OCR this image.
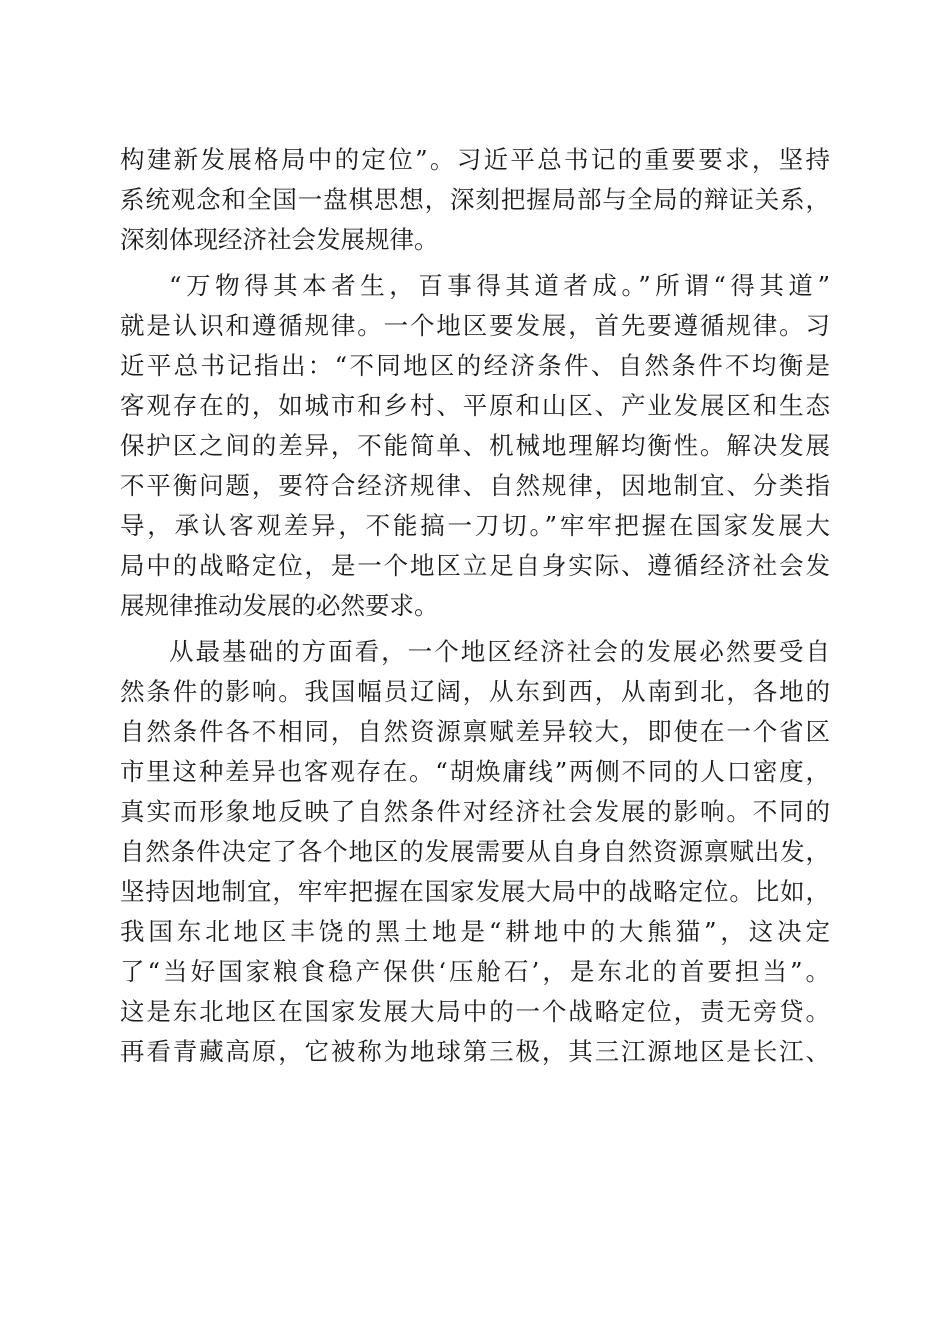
构建新发展格局中的定位”。习近平总书记的重要要求，坚持
系统观念和全国一盘棋思想，深刻把握局部与全局的辩证关系，
深刻体现经济社会发展规律。
“万物得其本者生，百事得其道者成。”所谓“得其道”
就是认识和遵循规律。一个地区要发展，首先要遵循规律。习
近平总书记指出：“不同地区的经济条件、自然条件不均衡是
客观存在的，如城市和乡村、平原和山区、产业发展区和生态
保护区之间的差异，不能简单、机械地理解均衡性。解决发展
不平衡问题，要符合经济规律、自然规律，因地制宜、分类指
导，承认客观差异，不能搞一刀切。”牢牢把握在国家发展大
局中的战略定位，是一个地区立足自身实际、遵循经济社会发
展规律推动发展的必然要求。
从最基础的方面看，一个地区经济社会的发展必然要受自
然条件的影响。我国幅员辽阔，从东到西，从南到北，各地的
自然条件各不相同，自然资源禀赋差异较大，即使在一个省区
市里这种差异也客观存在。“胡焕庸线”两侧不同的人口密度，
真实而形象地反映了自然条件对经济社会发展的影响。不同的
自然条件决定了各个地区的发展需要从自身自然资源禀赋出发，
坚持因地制宜，牢牢把握在国家发展大局中的战略定位。比如，
我国东北地区丰饶的黑土地是“耕地中的大熊猫”，这决定
了“当好国家粮食稳产保供‘压舱石’，是东北的首要担当”。
这是东北地区在国家发展大局中的一个战略定位，责无旁贷。
再看青藏高原，它被称为地球第三极，其三江源地区是长江、
